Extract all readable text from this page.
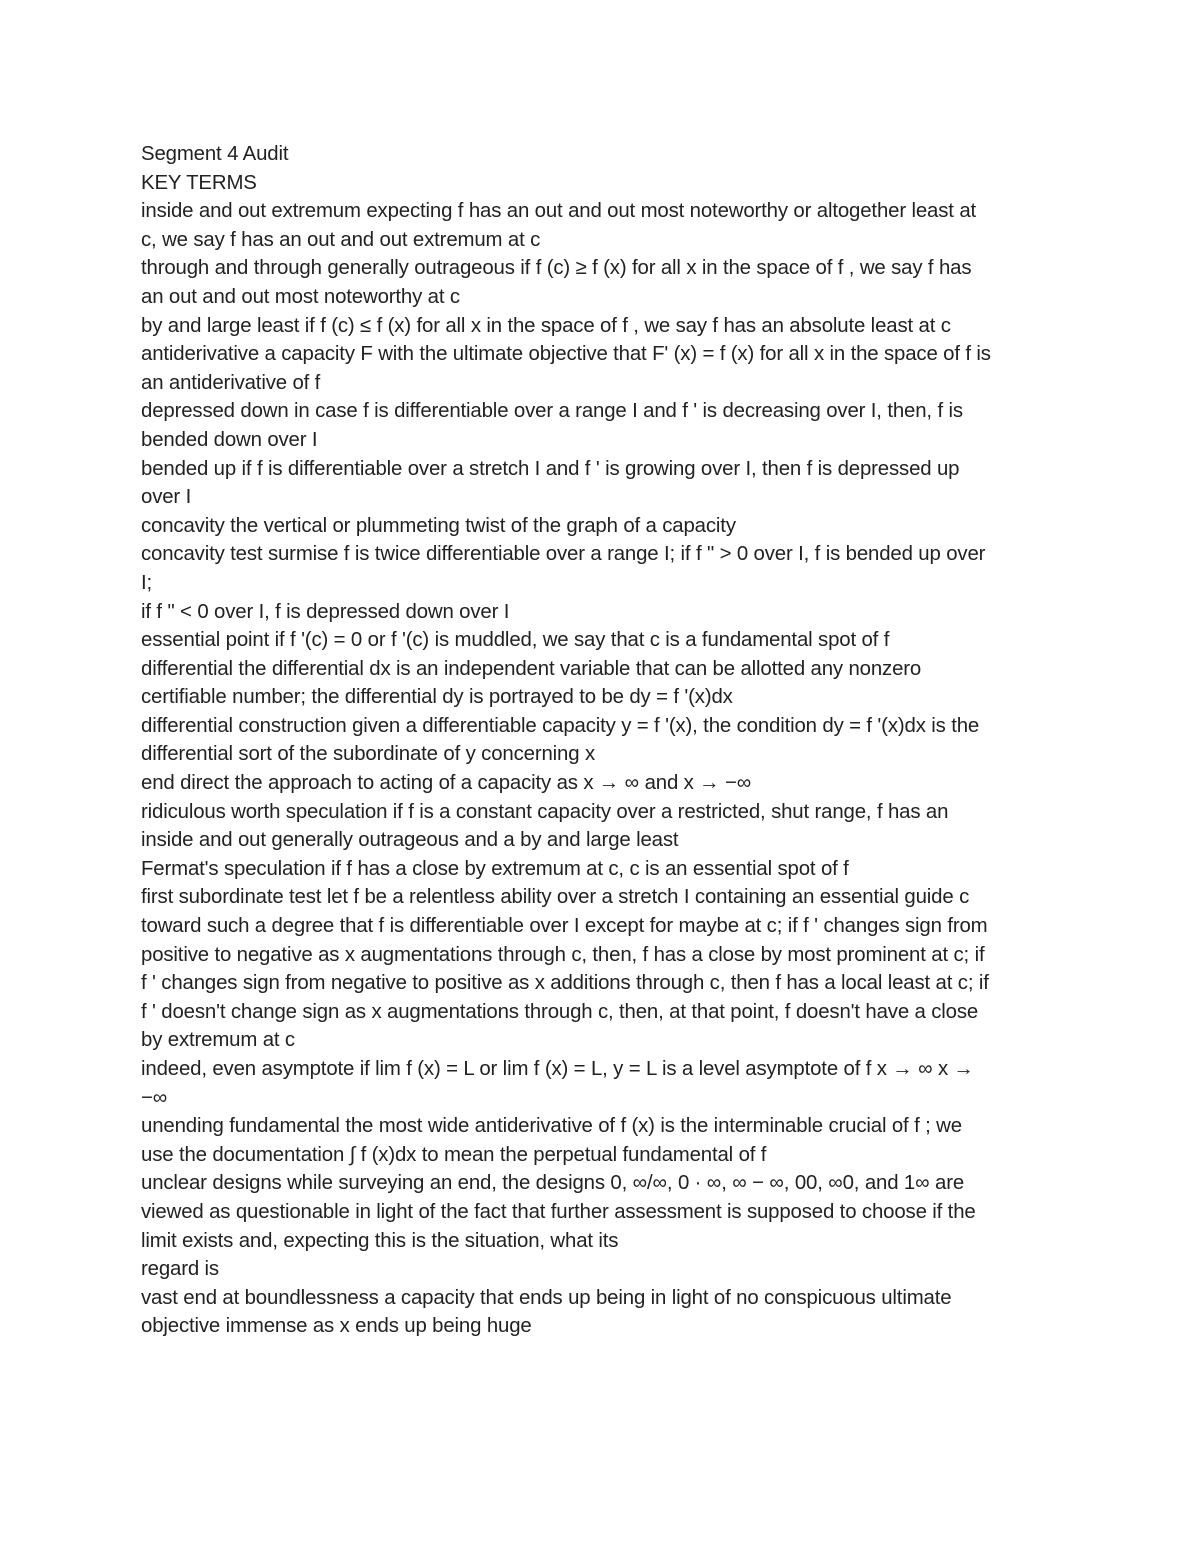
Segment 4 Audit
KEY TERMS
inside and out extremum expecting f has an out and out most noteworthy or altogether least at
c, we say f has an out and out extremum at c
through and through generally outrageous if f (c) ≥ f (x) for all x in the space of f , we say f has
an out and out most noteworthy at c
by and large least if f (c) ≤ f (x) for all x in the space of f , we say f has an absolute least at c
antiderivative a capacity F with the ultimate objective that F' (x) = f (x) for all x in the space of f is
an antiderivative of f
depressed down in case f is differentiable over a range I and f ' is decreasing over I, then, f is
bended down over I
bended up if f is differentiable over a stretch I and f ' is growing over I, then f is depressed up
over I
concavity the vertical or plummeting twist of the graph of a capacity
concavity test surmise f is twice differentiable over a range I; if f " > 0 over I, f is bended up over
I;
if f " < 0 over I, f is depressed down over I
essential point if f '(c) = 0 or f '(c) is muddled, we say that c is a fundamental spot of f
differential the differential dx is an independent variable that can be allotted any nonzero
certifiable number; the differential dy is portrayed to be dy = f '(x)dx
differential construction given a differentiable capacity y = f '(x), the condition dy = f '(x)dx is the
differential sort of the subordinate of y concerning x
end direct the approach to acting of a capacity as x → ∞ and x → −∞
ridiculous worth speculation if f is a constant capacity over a restricted, shut range, f has an
inside and out generally outrageous and a by and large least
Fermat's speculation if f has a close by extremum at c, c is an essential spot of f
first subordinate test let f be a relentless ability over a stretch I containing an essential guide c
toward such a degree that f is differentiable over I except for maybe at c; if f ' changes sign from
positive to negative as x augmentations through c, then, f has a close by most prominent at c; if
f ' changes sign from negative to positive as x additions through c, then f has a local least at c; if
f ' doesn't change sign as x augmentations through c, then, at that point, f doesn't have a close
by extremum at c
indeed, even asymptote if lim f (x) = L or lim f (x) = L, y = L is a level asymptote of f x → ∞ x →
−∞
unending fundamental the most wide antiderivative of f (x) is the interminable crucial of f ; we
use the documentation ∫ f (x)dx to mean the perpetual fundamental of f
unclear designs while surveying an end, the designs 0, ∞/∞, 0 · ∞, ∞ − ∞, 00, ∞0, and 1∞ are
viewed as questionable in light of the fact that further assessment is supposed to choose if the
limit exists and, expecting this is the situation, what its
regard is
vast end at boundlessness a capacity that ends up being in light of no conspicuous ultimate
objective immense as x ends up being huge
